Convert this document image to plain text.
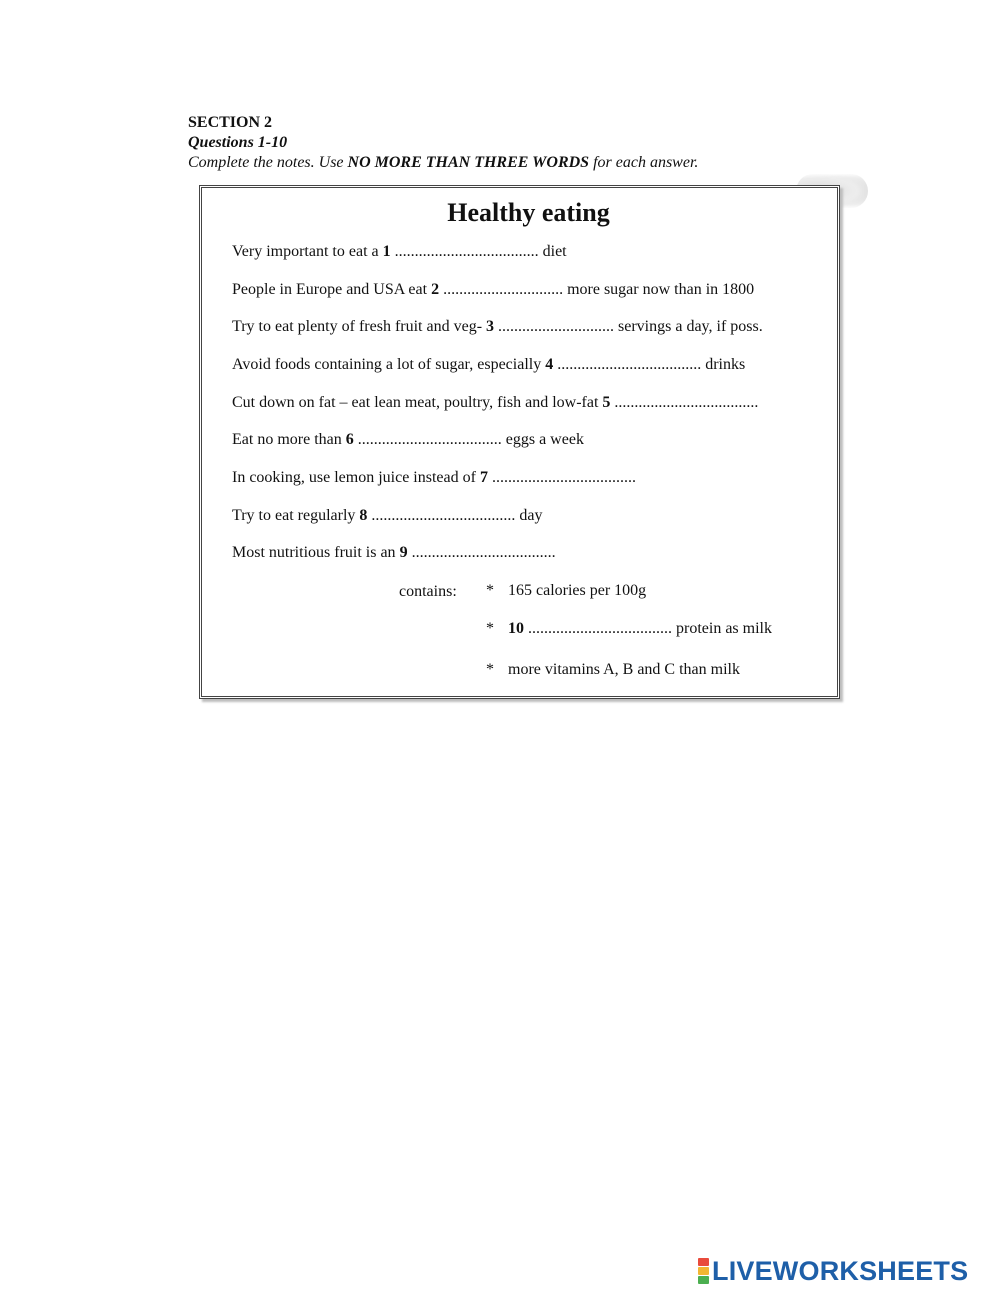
SECTION 2
Questions 1-10
Complete the notes. Use NO MORE THAN THREE WORDS for each answer.
Healthy eating
Very important to eat a 1 .................................... diet
People in Europe and USA eat 2 .............................. more sugar now than in 1800
Try to eat plenty of fresh fruit and veg- 3 ............................. servings a day, if poss.
Avoid foods containing a lot of sugar, especially 4 .................................... drinks
Cut down on fat – eat lean meat, poultry, fish and low-fat 5 ....................................
Eat no more than 6 .................................... eggs a week
In cooking, use lemon juice instead of 7 ....................................
Try to eat regularly 8 .................................... day
Most nutritious fruit is an 9 ....................................
contains: * 165 calories per 100g
* 10 .................................... protein as milk
* more vitamins A, B and C than milk
LIVEWORKSHEETS
